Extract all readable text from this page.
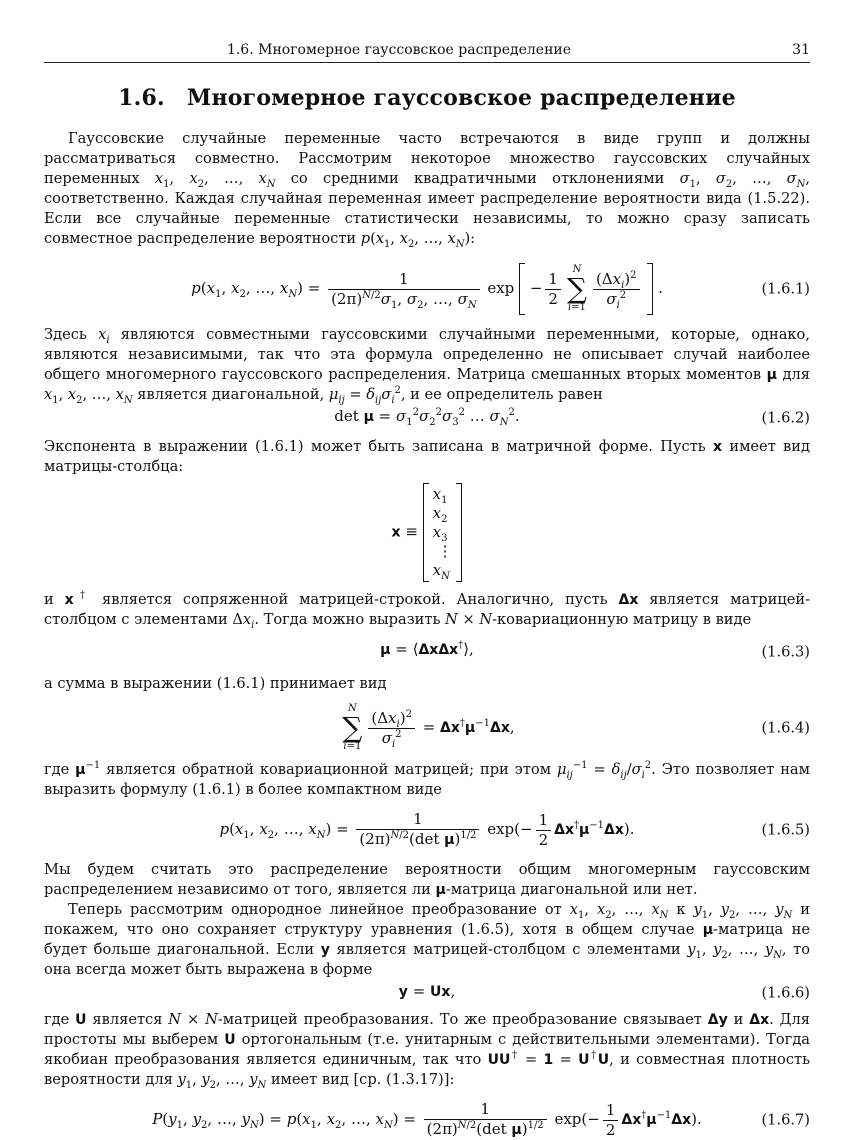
1.6. Многомерное гауссовское распределение	31
1.6. Многомерное гауссовское распределение

Гауссовские случайные переменные часто встречаются в виде групп и должны рассматриваться совместно. Рассмотрим некоторое множество гауссовских случайных переменных $x_1$, $x_2$, …, $x_N$ со средними квадратичными отклонениями $\sigma_1$, $\sigma_2$, …, $\sigma_N$, соответственно. Каждая случайная переменная имеет распределение вероятности вида (1.5.22). Если все случайные переменные статистически независимы, то можно сразу записать совместное распределение вероятности $p(x_1$, $x_2$, …, $x_N$):

$p(x_1$, $x_2$, …, $x_N) = \frac{1}{(2\pi)^{N/2}\sigma_1, \sigma_2, \dots, \sigma_N}$ exp
− $\frac{1}{2}$	N
∑
$i=1 \frac{(\Delta x_i)^2}{\sigma_i^2}$
.	(1.6.1)

Здесь $x_i$ являются совместными гауссовскими случайными переменными, которые, однако, являются независимыми, так что эта формула определенно не описывает случай наиболее общего многомерного гауссовского распределения. Матрица смешанных вторых моментов μ для $x_1$, $x_2$, …, $x_N$ является диагональной, $\mu_{ij} = \delta_{ij}\sigma_i^2$, и ее определитель равен

$\det \mu = \sigma_1^2\sigma_2^2\sigma_3^2$ … $\sigma_N^2$.	(1.6.2)

Экспонента в выражении (1.6.1) может быть записана в матричной форме. Пусть x имеет вид матрицы-столбца:

x ≡
$x_1$
$x_2$
$x_3$
⋮
$x_N$

и x† является сопряженной матрицей-строкой. Аналогично, пусть Δx является матрицей-столбцом с элементами $\Delta x_i$. Тогда можно выразить N × N-ковариационную матрицу в виде

μ = ⟨ΔxΔx†⟩,	(1.6.3)

а сумма в выражении (1.6.1) принимает вид

N
∑
$i=1 \frac{(\Delta x_i)^2}{\sigma_i^2} = \Delta x^\dagger\mu^{-1}\Delta x$,	(1.6.4)

где $\mu^{-1}$ является обратной ковариационной матрицей; при этом $\mu_{ij}^{-1} = \delta_{ij}/\sigma_i^2$. Это позволяет нам выразить формулу (1.6.1) в более компактном виде

$p(x_1$, $x_2$, …, $x_N) = \frac{1}{(2\pi)^{N/2}(\det \mu)^{1/2}} \exp(- \frac{1}{2} \Delta x^\dagger\mu^{-1}\Delta x)$.	(1.6.5)

Мы будем считать это распределение вероятности общим многомерным гауссовским распределением независимо от того, является ли μ-матрица диагональной или нет.

Теперь рассмотрим однородное линейное преобразование от $x_1$, $x_2$, …, $x_N$ к $y_1$, $y_2$, …, $y_N$ и покажем, что оно сохраняет структуру уравнения (1.6.5), хотя в общем случае μ-матрица не будет больше диагональной. Если y является матрицей-столбцом с элементами $y_1$, $y_2$, …, $y_N$, то она всегда может быть выражена в форме

y = Ux,	(1.6.6)

где U является N × N-матрицей преобразования. То же преобразование связывает Δy и Δx. Для простоты мы выберем U ортогональным (т.е. унитарным с действительными элементами). Тогда якобиан преобразования является единичным, так что UU† = 1 = U†U, и совместная плотность вероятности для $y_1$, $y_2$, …, $y_N$ имеет вид [ср. (1.3.17)]:

$P(y_1$, $y_2$, …, $y_N) = p(x_1$, $x_2$, …, $x_N) = \frac{1}{(2\pi)^{N/2}(\det \mu)^{1/2}} \exp(- \frac{1}{2} \Delta x^\dagger\mu^{-1}\Delta x)$.	(1.6.7)
